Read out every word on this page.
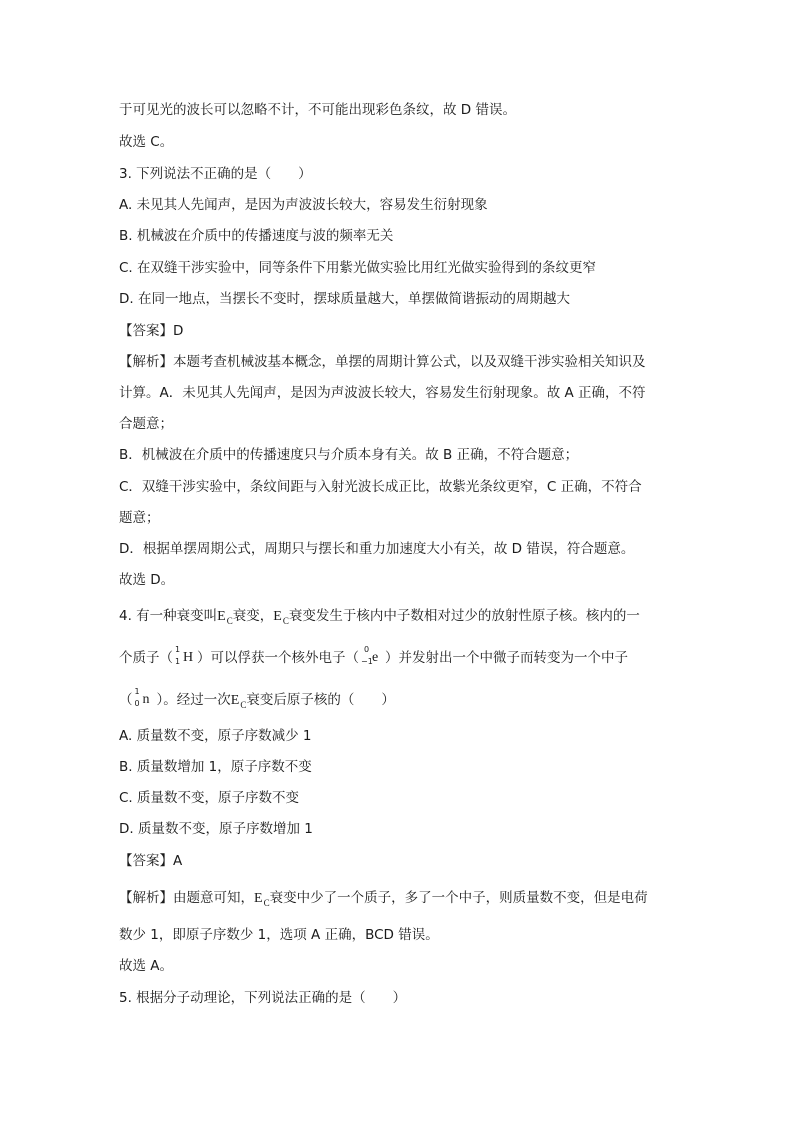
于可见光的波长可以忽略不计，不可能出现彩色条纹，故 D 错误。
故选 C。
3. 下列说法不正确的是（　　）
A. 未见其人先闻声，是因为声波波长较大，容易发生衍射现象
B. 机械波在介质中的传播速度与波的频率无关
C. 在双缝干涉实验中，同等条件下用紫光做实验比用红光做实验得到的条纹更窄
D. 在同一地点，当摆长不变时，摆球质量越大，单摆做简谐振动的周期越大
【答案】D
【解析】本题考查机械波基本概念，单摆的周期计算公式，以及双缝干涉实验相关知识及
计算。A．未见其人先闻声，是因为声波波长较大，容易发生衍射现象。故 A 正确，不符
合题意；
B．机械波在介质中的传播速度只与介质本身有关。故 B 正确，不符合题意；
C．双缝干涉实验中，条纹间距与入射光波长成正比，故紫光条纹更窄，C 正确，不符合
题意；
D．根据单摆周期公式，周期只与摆长和重力加速度大小有关，故 D 错误，符合题意。
故选 D。
4. 有一种衰变叫$E_C$衰变，$E_C$衰变发生于核内中子数相对过少的放射性原子核。核内的一
个质子（
1
1 H ）可以俘获一个核外电子（
0
−1 e ）并发射出一个中微子而转变为一个中子
（
1
0 n ）。经过一次$E_C$衰变后原子核的（　　）
A. 质量数不变，原子序数减少 1
B. 质量数增加 1，原子序数不变
C. 质量数不变，原子序数不变
D. 质量数不变，原子序数增加 1
【答案】A
【解析】由题意可知，$E_C$衰变中少了一个质子，多了一个中子，则质量数不变，但是电荷
数少 1，即原子序数少 1，选项 A 正确，BCD 错误。
故选 A。
5. 根据分子动理论，下列说法正确的是（　　）
